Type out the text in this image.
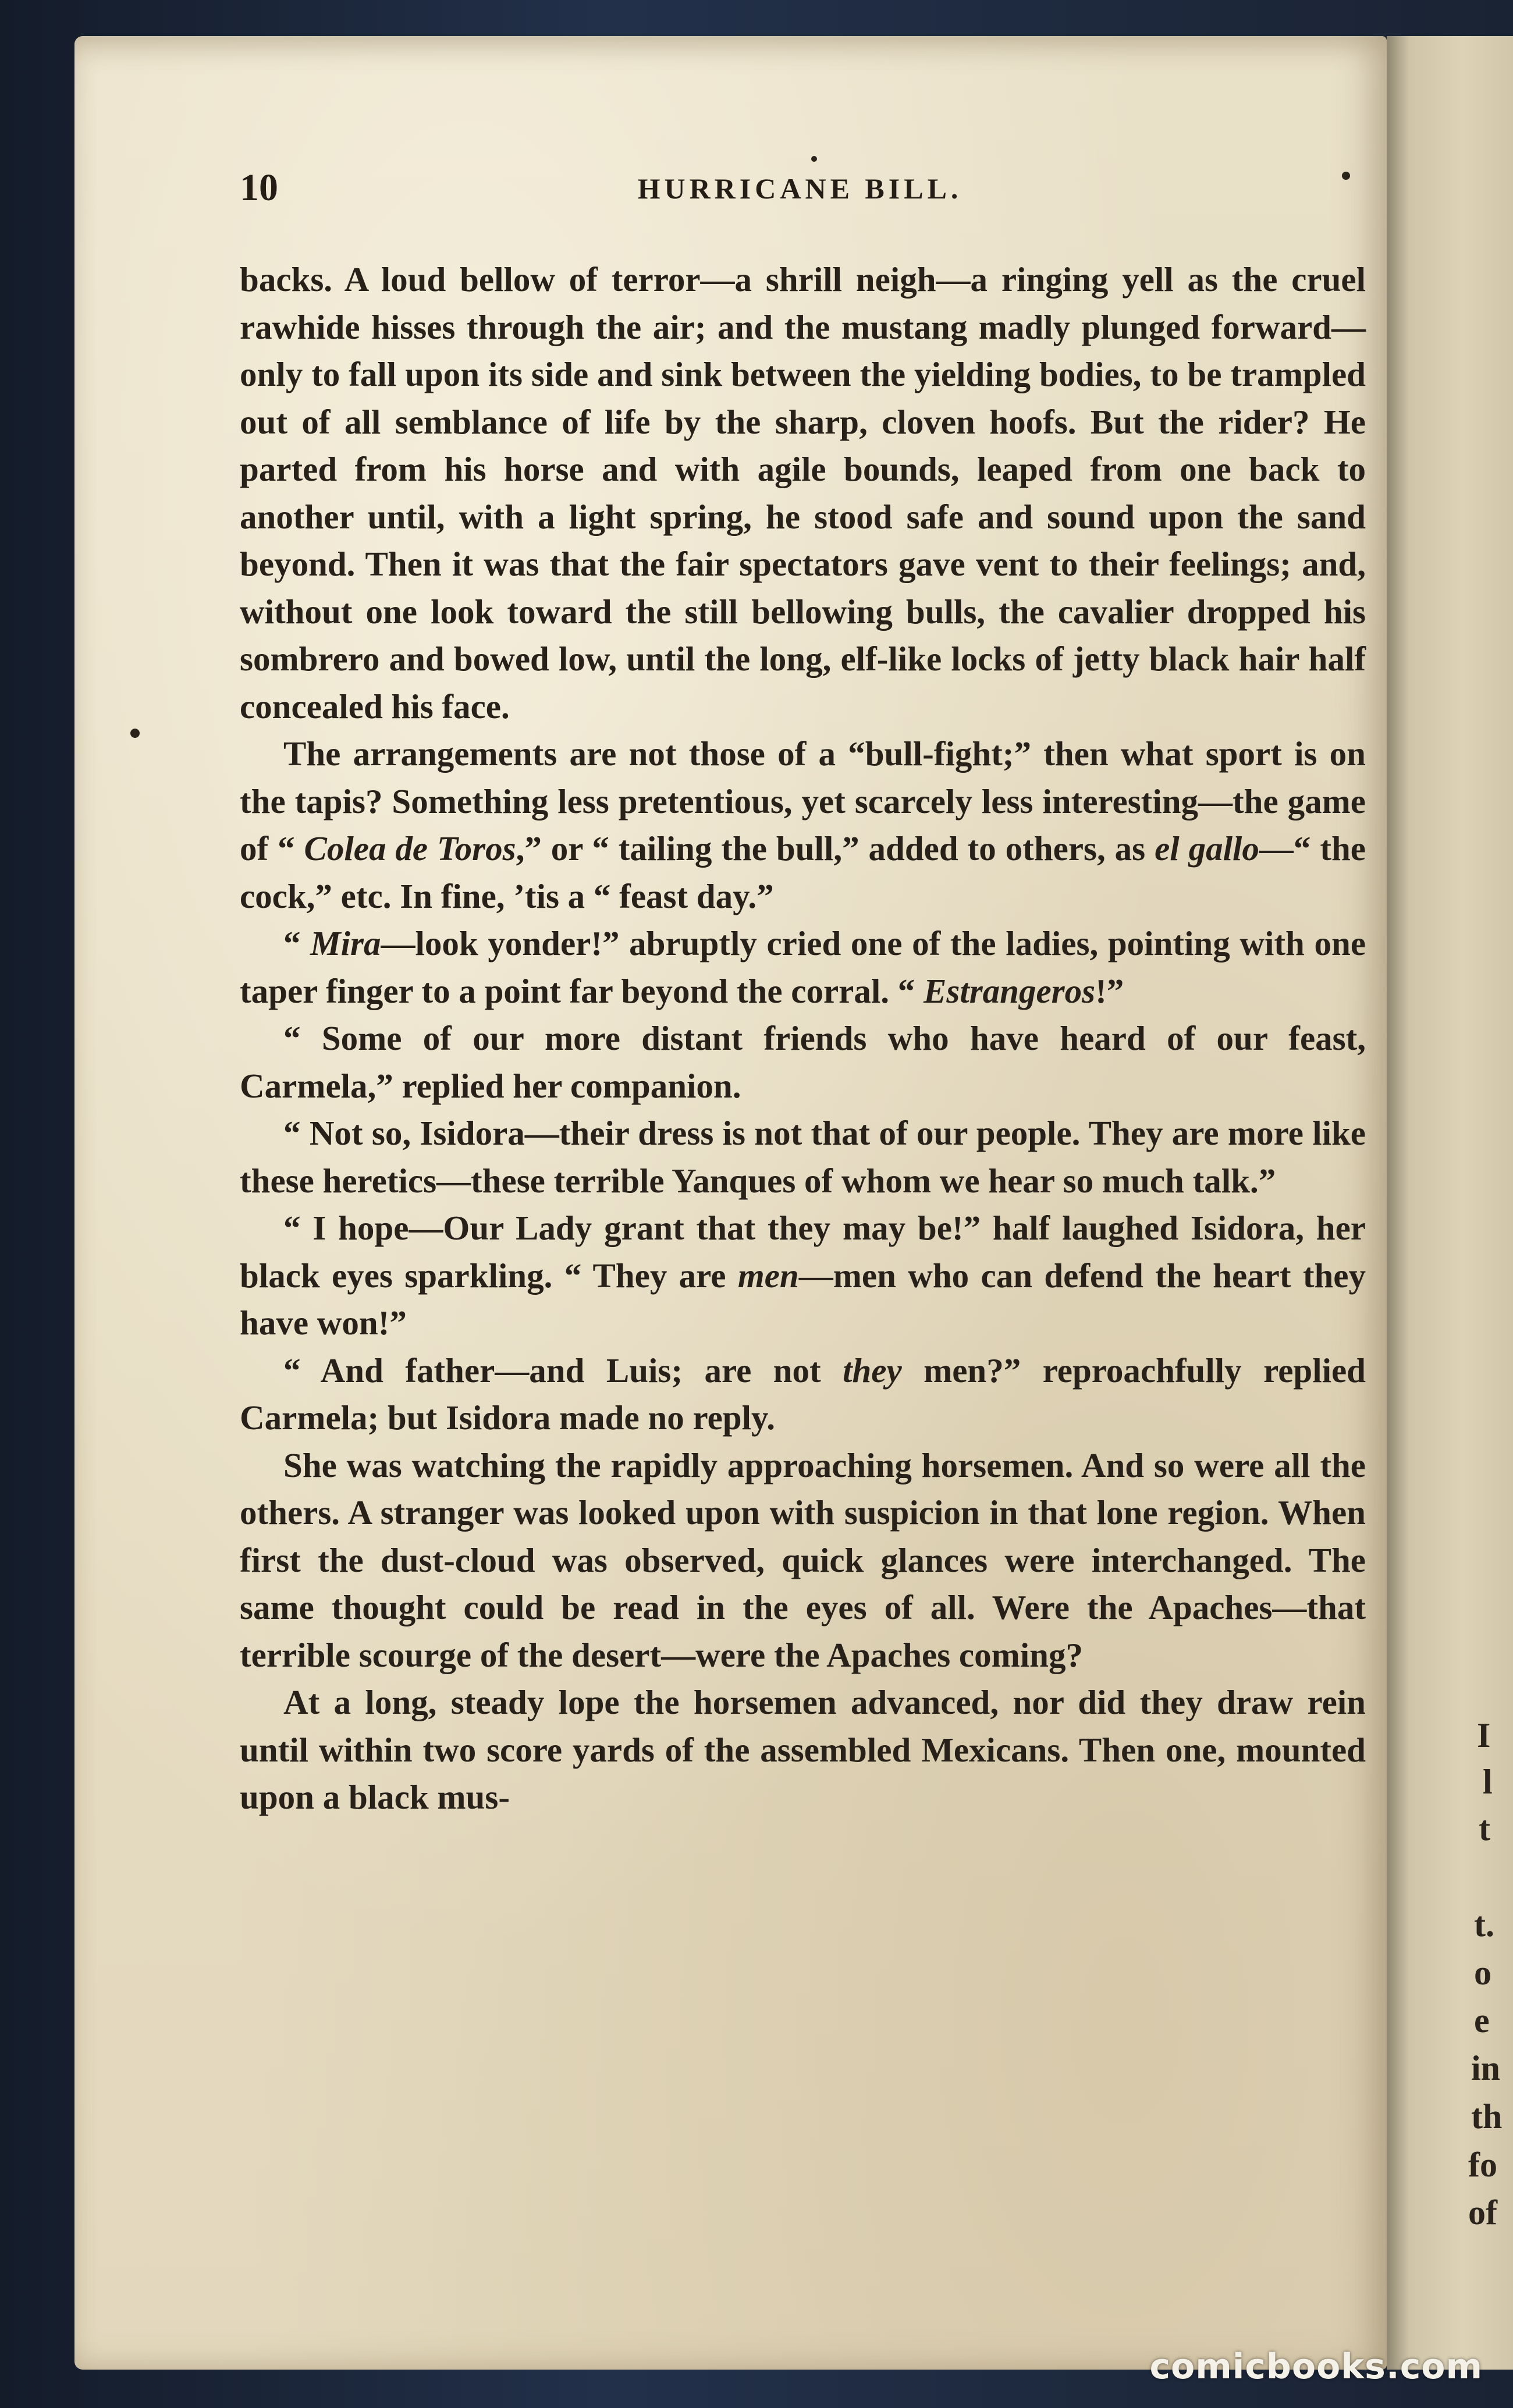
I
l
t
t.
o
e
in
th
fo
of
10	HURRICANE BILL.

backs. A loud bellow of terror—a shrill neigh—a ringing yell as the cruel rawhide hisses through the air; and the mustang madly plunged forward—only to fall upon its side and sink between the yielding bodies, to be trampled out of all semblance of life by the sharp, cloven hoofs. But the rider? He parted from his horse and with agile bounds, leaped from one back to another until, with a light spring, he stood safe and sound upon the sand beyond. Then it was that the fair spectators gave vent to their feelings; and, without one look toward the still bellowing bulls, the cavalier dropped his sombrero and bowed low, until the long, elf-like locks of jetty black hair half concealed his face.

The arrangements are not those of a “bull-fight;” then what sport is on the tapis? Something less pretentious, yet scarcely less interesting—the game of “ Colea de Toros,” or “ tailing the bull,” added to others, as el gallo—“ the cock,” etc. In fine, ’tis a “ feast day.”

“ Mira—look yonder!” abruptly cried one of the ladies, pointing with one taper finger to a point far beyond the corral. “ Estrangeros!”

“ Some of our more distant friends who have heard of our feast, Carmela,” replied her companion.

“ Not so, Isidora—their dress is not that of our people. They are more like these heretics—these terrible Yanques of whom we hear so much talk.”

“ I hope—Our Lady grant that they may be!” half laughed Isidora, her black eyes sparkling. “ They are men—men who can defend the heart they have won!”

“ And father—and Luis; are not they men?” reproachfully replied Carmela; but Isidora made no reply.

She was watching the rapidly approaching horsemen. And so were all the others. A stranger was looked upon with suspicion in that lone region. When first the dust-cloud was observed, quick glances were interchanged. The same thought could be read in the eyes of all. Were the Apaches—that terrible scourge of the desert—were the Apaches coming?

At a long, steady lope the horsemen advanced, nor did they draw rein until within two score yards of the assembled Mexicans. Then one, mounted upon a black mus-

comicbooks.com
